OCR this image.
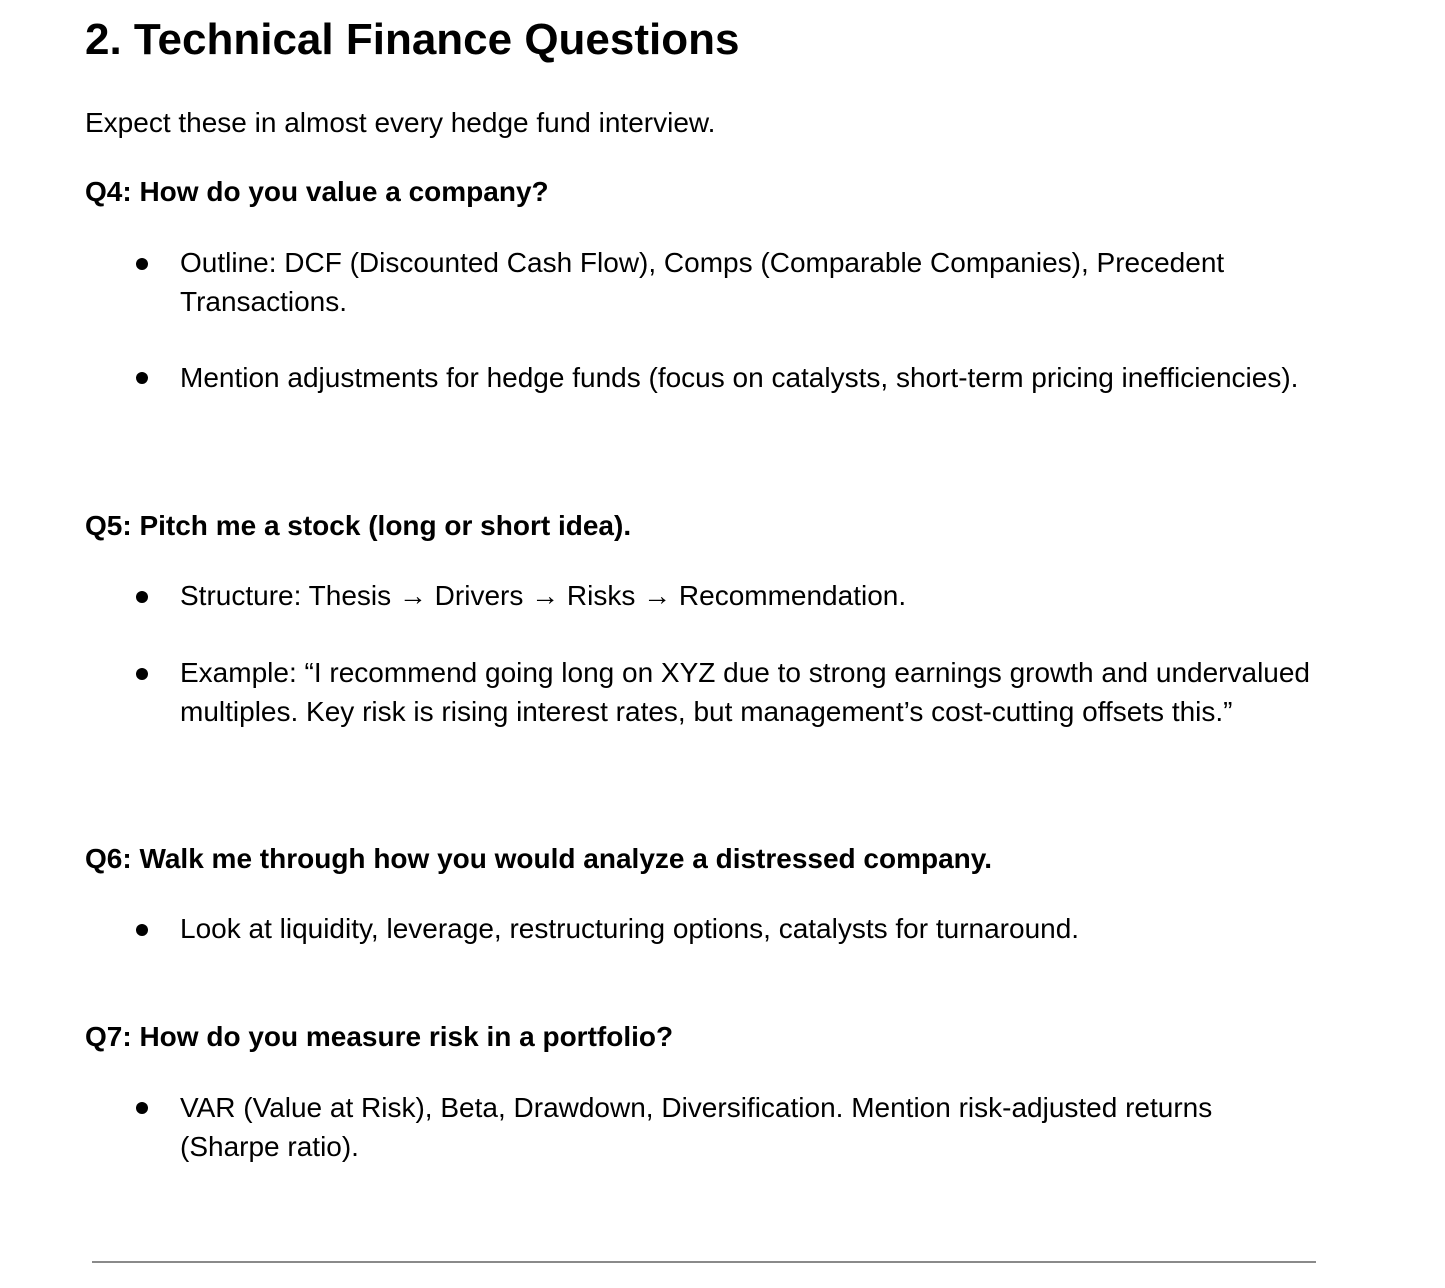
2. Technical Finance Questions

Expect these in almost every hedge fund interview.

Q4: How do you value a company?

Outline: DCF (Discounted Cash Flow), Comps (Comparable Companies), Precedent Transactions.

Mention adjustments for hedge funds (focus on catalysts, short-term pricing inefficiencies).

Q5: Pitch me a stock (long or short idea).

Structure: Thesis → Drivers → Risks → Recommendation.

Example: “I recommend going long on XYZ due to strong earnings growth and undervalued multiples. Key risk is rising interest rates, but management’s cost-cutting offsets this.”

Q6: Walk me through how you would analyze a distressed company.

Look at liquidity, leverage, restructuring options, catalysts for turnaround.

Q7: How do you measure risk in a portfolio?

VAR (Value at Risk), Beta, Drawdown, Diversification. Mention risk-adjusted returns (Sharpe ratio).
